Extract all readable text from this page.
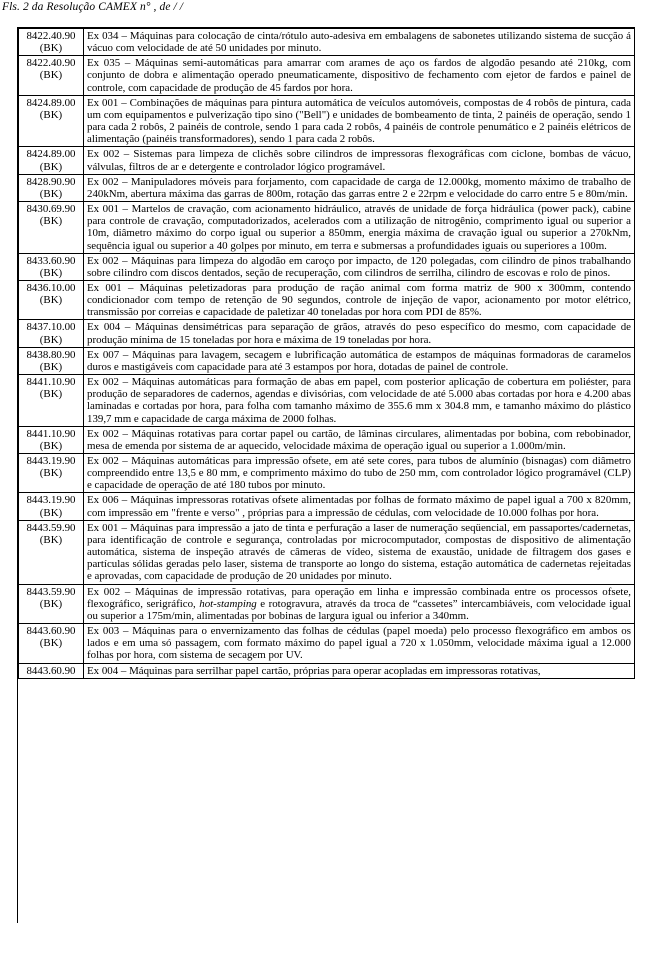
Fls. 2 da Resolução CAMEX n° , de / /
8422.40.90
(BK)	Ex 034 – Máquinas para colocação de cinta/rótulo auto-adesiva em embalagens de sabonetes utilizando sistema de sucção á vácuo com velocidade de até 50 unidades por minuto.

8422.40.90
(BK)	Ex 035 – Máquinas semi-automáticas para amarrar com arames de aço os fardos de algodão pesando até 210kg, com conjunto de dobra e alimentação operado pneumaticamente, dispositivo de fechamento com ejetor de fardos e painel de controle, com capacidade de produção de 45 fardos por hora.

8424.89.00
(BK)	Ex 001 – Combinações de máquinas para pintura automática de veículos automóveis, compostas de 4 robôs de pintura, cada um com equipamentos e pulverização tipo sino ("Bell") e unidades de bombeamento de tinta, 2 painéis de operação, sendo 1 para cada 2 robôs, 2 painéis de controle, sendo 1 para cada 2 robôs, 4 painéis de controle penumático e 2 painéis elétricos de alimentação (painéis transformadores), sendo 1 para cada 2 robôs.

8424.89.00
(BK)	Ex 002 – Sistemas para limpeza de clichês sobre cilindros de impressoras flexográficas com ciclone, bombas de vácuo, válvulas, filtros de ar e detergente e controlador lógico programável.

8428.90.90
(BK)	Ex 002 – Manipuladores móveis para forjamento, com capacidade de carga de 12.000kg, momento máximo de trabalho de 240kNm, abertura máxima das garras de 800m, rotação das garras entre 2 e 22rpm e velocidade do carro entre 5 e 80m/min.

8430.69.90
(BK)	Ex 001 – Martelos de cravação, com acionamento hidráulico, através de unidade de força hidráulica (power pack), cabine para controle de cravação, computadorizados, acelerados com a utilização de nitrogênio, comprimento igual ou superior a 10m, diâmetro máximo do corpo igual ou superior a 850mm, energia máxima de cravação igual ou superior a 270kNm, sequência igual ou superior a 40 golpes por minuto, em terra e submersas a profundidades iguais ou superiores a 100m.

8433.60.90
(BK)	Ex 002 – Máquinas para limpeza do algodão em caroço por impacto, de 120 polegadas, com cilindro de pinos trabalhando sobre cilindro com discos dentados, seção de recuperação, com cilindros de serrilha, cilindro de escovas e rolo de pinos.

8436.10.00
(BK)	Ex 001 – Máquinas peletizadoras para produção de ração animal com forma matriz de 900 x 300mm, contendo condicionador com tempo de retenção de 90 segundos, controle de injeção de vapor, acionamento por motor elétrico, transmissão por correias e capacidade de paletizar 40 toneladas por hora com PDI de 85%.

8437.10.00
(BK)	Ex 004 – Máquinas densimétricas para separação de grãos, através do peso específico do mesmo, com capacidade de produção mínima de 15 toneladas por hora e máxima de 19 toneladas por hora.

8438.80.90
(BK)	Ex 007 – Máquinas para lavagem, secagem e lubrificação automática de estampos de máquinas formadoras de caramelos duros e mastigáveis com capacidade para até 3 estampos por hora, dotadas de painel de controle.

8441.10.90
(BK)	Ex 002 – Máquinas automáticas para formação de abas em papel, com posterior aplicação de cobertura em poliéster, para produção de separadores de cadernos, agendas e divisórias, com velocidade de até 5.000 abas cortadas por hora e 4.200 abas laminadas e cortadas por hora, para folha com tamanho máximo de 355.6 mm x 304.8 mm, e tamanho máximo do plástico 139,7 mm e capacidade de carga máxima de 2000 folhas.

8441.10.90
(BK)	Ex 002 – Máquinas rotativas para cortar papel ou cartão, de lâminas circulares, alimentadas por bobina, com rebobinador, mesa de emenda por sistema de ar aquecido, velocidade máxima de operação igual ou superior a 1.000m/min.

8443.19.90
(BK)	Ex 002 – Máquinas automáticas para impressão ofsete, em até sete cores, para tubos de alumínio (bisnagas) com diâmetro compreendido entre 13,5 e 80 mm, e comprimento máximo do tubo de 250 mm, com controlador lógico programável (CLP) e capacidade de operação de até 180 tubos por minuto.

8443.19.90
(BK)	Ex 006 – Máquinas impressoras rotativas ofsete alimentadas por folhas de formato máximo de papel igual a 700 x 820mm, com impressão em "frente e verso" , próprias para a impressão de cédulas, com velocidade de 10.000 folhas por hora.

8443.59.90
(BK)	Ex 001 – Máquinas para impressão a jato de tinta e perfuração a laser de numeração seqüencial, em passaportes/cadernetas, para identificação de controle e segurança, controladas por microcomputador, compostas de dispositivo de alimentação automática, sistema de inspeção através de câmeras de vídeo, sistema de exaustão, unidade de filtragem dos gases e partículas sólidas geradas pelo laser, sistema de transporte ao longo do sistema, estação automática de cadernetas rejeitadas e aprovadas, com capacidade de produção de 20 unidades por minuto.

8443.59.90
(BK)	Ex 002 – Máquinas de impressão rotativas, para operação em linha e impressão combinada entre os processos ofsete, flexográfico, serigráfico, hot-stamping e rotogravura, através da troca de “cassetes” intercambiáveis, com velocidade igual ou superior a 175m/min, alimentadas por bobinas de largura igual ou inferior a 340mm.

8443.60.90
(BK)	Ex 003 – Máquinas para o envernizamento das folhas de cédulas (papel moeda) pelo processo flexográfico em ambos os lados e em uma só passagem, com formato máximo do papel igual a 720 x 1.050mm, velocidade máxima igual a 12.000 folhas por hora, com sistema de secagem por UV.

8443.60.90	Ex 004 – Máquinas para serrilhar papel cartão, próprias para operar acopladas em impressoras rotativas,
